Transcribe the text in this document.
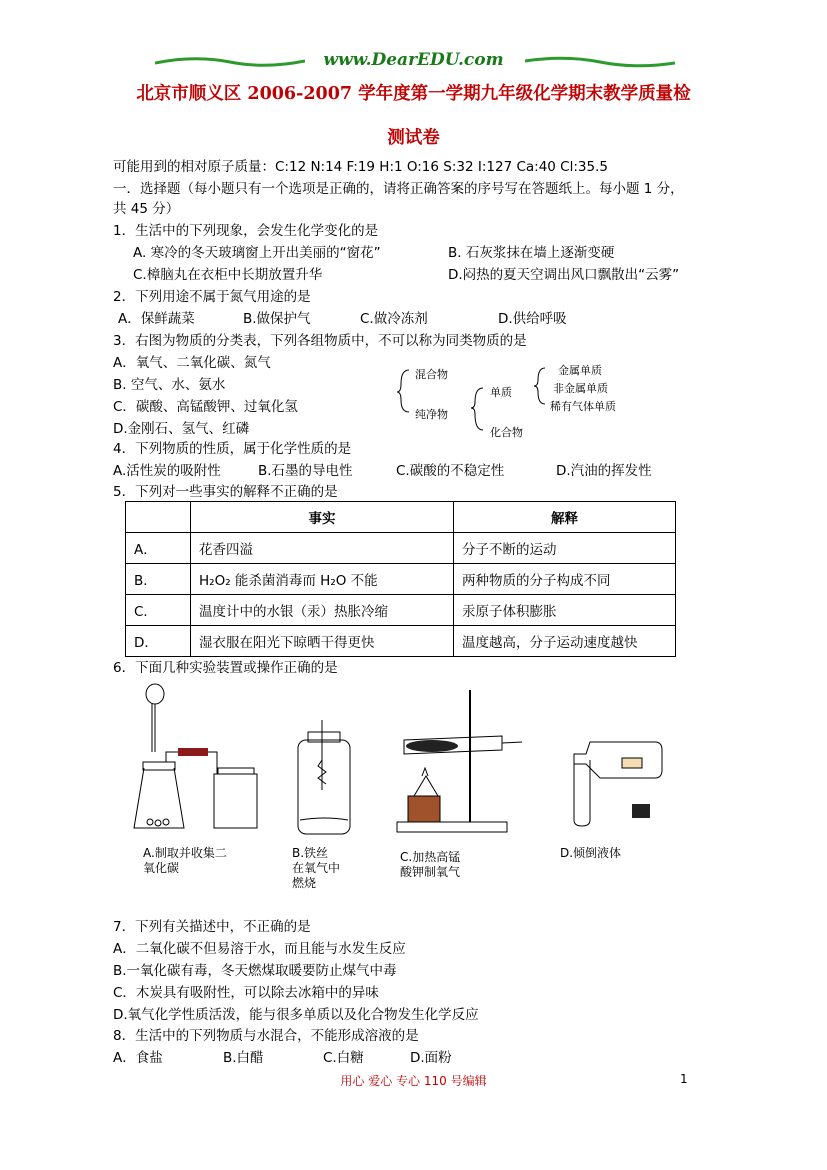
www.DearEDU.com
北京市顺义区 2006-2007 学年度第一学期九年级化学期末教学质量检
测试卷
可能用到的相对原子质量：C:12 N:14 F:19 H:1 O:16 S:32 I:127 Ca:40 Cl:35.5
一．选择题（每小题只有一个选项是正确的，请将正确答案的序号写在答题纸上。每小题 1 分，
共 45 分）
1．生活中的下列现象，会发生化学变化的是
A. 寒冷的冬天玻璃窗上开出美丽的“窗花”	B. 石灰浆抹在墙上逐渐变硬
C.樟脑丸在衣柜中长期放置升华	D.闷热的夏天空调出风口飘散出“云雾”
2．下列用途不属于氮气用途的是
A．保鲜蔬菜	B.做保护气	C.做冷冻剂	D.供给呼吸
3．右图为物质的分类表，下列各组物质中，不可以称为同类物质的是
A．氧气、二氧化碳、氮气
B. 空气、水、氨水
C．碳酸、高锰酸钾、过氧化氢
D.金刚石、氢气、红磷
混合物
纯净物
单质
化合物
金属单质
非金属单质
稀有气体单质
4．下列物质的性质，属于化学性质的是
A.活性炭的吸附性	B.石墨的导电性	C.碳酸的不稳定性	D.汽油的挥发性
5．下列对一些事实的解释不正确的是
	事实	解释
A．	花香四溢	分子不断的运动
B．	H₂O₂ 能杀菌消毒而 H₂O 不能	两种物质的分子构成不同
C．	温度计中的水银（汞）热胀冷缩	汞原子体积膨胀
D．	湿衣服在阳光下晾晒干得更快	温度越高，分子运动速度越快
6．下面几种实验装置或操作正确的是
A.制取并收集二氧化碳
B.铁丝在氧气中燃烧
C.加热高锰酸钾制氧气
D.倾倒液体
7．下列有关描述中，不正确的是
A．二氧化碳不但易溶于水，而且能与水发生反应
B.一氧化碳有毒，冬天燃煤取暖要防止煤气中毒
C．木炭具有吸附性，可以除去冰箱中的异味
D.氧气化学性质活泼，能与很多单质以及化合物发生化学反应
8．生活中的下列物质与水混合，不能形成溶液的是
A．食盐	B.白醋	C.白糖	D.面粉
用心 爱心 专心 110 号编辑	1
